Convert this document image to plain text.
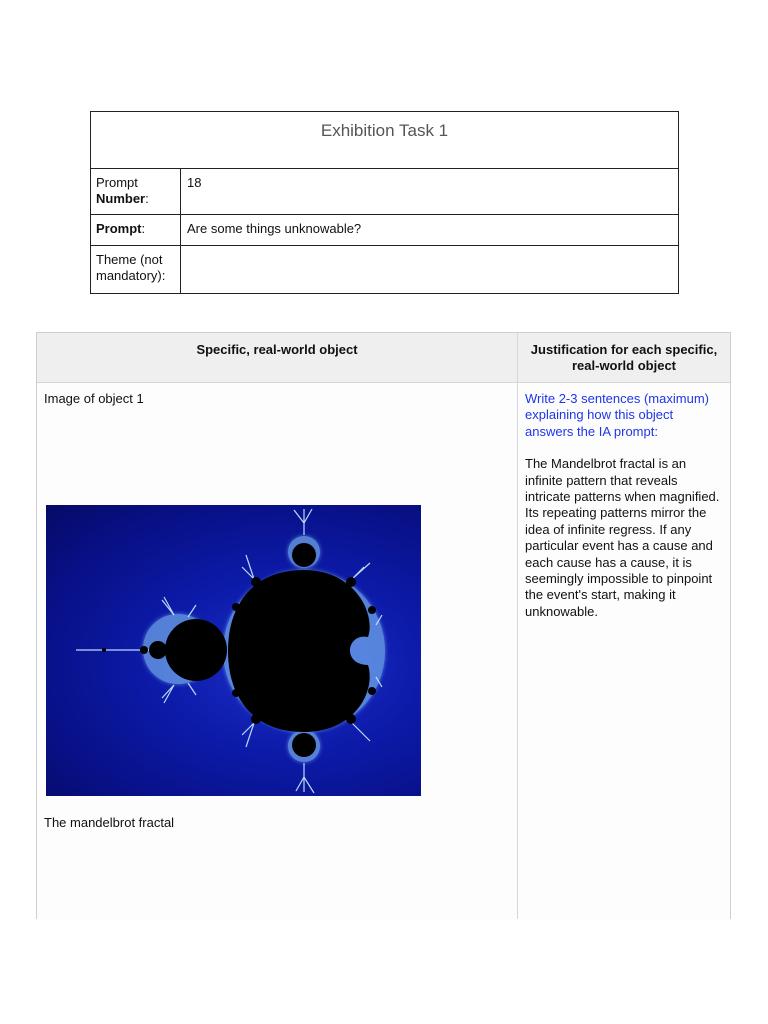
Exhibition Task 1	
Prompt
Number:	18
Prompt:	Are some things unknowable?
Theme (not mandatory):	
Specific, real-world object	Justification for each specific, real-world object
Image of object 1
The mandelbrot fractal
Write 2-3 sentences (maximum) explaining how this object answers the IA prompt:
The Mandelbrot fractal is an infinite pattern that reveals intricate patterns when magnified. Its repeating patterns mirror the idea of infinite regress. If any particular event has a cause and each cause has a cause, it is seemingly impossible to pinpoint the event's start, making it unknowable.
